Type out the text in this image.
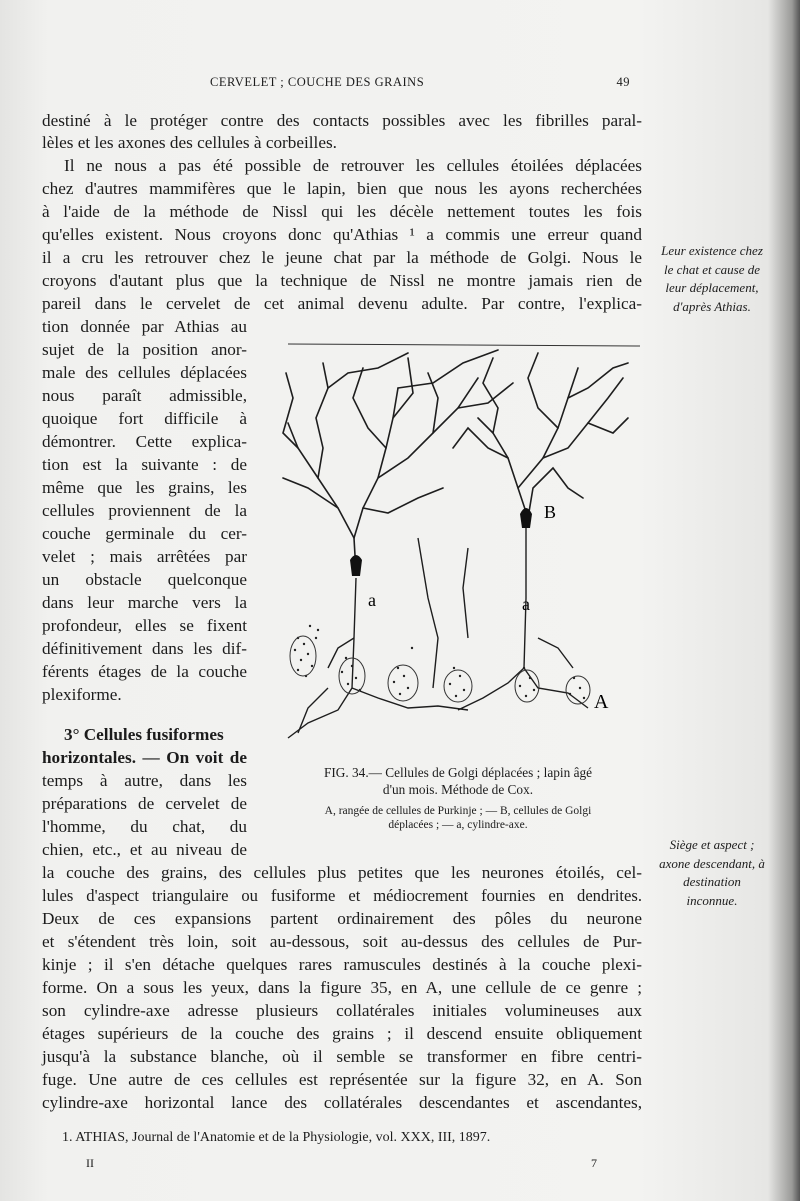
CERVELET ; COUCHE DES GRAINS	49
destiné à le protéger contre des contacts possibles avec les fibrilles paral-
lèles et les axones des cellules à corbeilles.
Il ne nous a pas été possible de retrouver les cellules étoilées déplacées
chez d'autres mammifères que le lapin, bien que nous les ayons recherchées
à l'aide de la méthode de Nissl qui les décèle nettement toutes les fois
qu'elles existent. Nous croyons donc qu'Athias ¹ a commis une erreur quand
il a cru les retrouver chez le jeune chat par la méthode de Golgi. Nous le
croyons d'autant plus que la technique de Nissl ne montre jamais rien de
pareil dans le cervelet de cet animal devenu adulte. Par contre, l'explica-
tion donnée par Athias au
sujet de la position anor-
male des cellules déplacées
nous paraît admissible,
quoique fort difficile à
démontrer. Cette explica-
tion est la suivante : de
même que les grains, les
cellules proviennent de la
couche germinale du cer-
velet ; mais arrêtées par
un obstacle quelconque
dans leur marche vers la
profondeur, elles se fixent
définitivement dans les dif-
férents étages de la couche
plexiforme.
3° Cellules fusiformes
horizontales. — On voit de
temps à autre, dans les
préparations de cervelet de
l'homme, du chat, du
chien, etc., et au niveau de
la couche des grains, des cellules plus petites que les neurones étoilés, cel-
lules d'aspect triangulaire ou fusiforme et médiocrement fournies en dendrites.
Deux de ces expansions partent ordinairement des pôles du neurone
et s'étendent très loin, soit au-dessous, soit au-dessus des cellules de Pur-
kinje ; il s'en détache quelques rares ramuscules destinés à la couche plexi-
forme. On a sous les yeux, dans la figure 35, en A, une cellule de ce genre ;
son cylindre-axe adresse plusieurs collatérales initiales volumineuses aux
étages supérieurs de la couche des grains ; il descend ensuite obliquement
jusqu'à la substance blanche, où il semble se transformer en fibre centri-
fuge. Une autre de ces cellules est représentée sur la figure 32, en A. Son
cylindre-axe horizontal lance des collatérales descendantes et ascendantes,
Leur existence chez le chat et cause de leur déplacement, d'après Athias.
Siège et aspect ; axone descendant, à destination inconnue.
B
a	a
A
FIG. 34.— Cellules de Golgi déplacées ; lapin âgé
d'un mois. Méthode de Cox.
A, rangée de cellules de Purkinje ; — B, cellules de Golgi
déplacées ; — a, cylindre-axe.
1. ATHIAS, Journal de l'Anatomie et de la Physiologie, vol. XXX, III, 1897.
II	7
